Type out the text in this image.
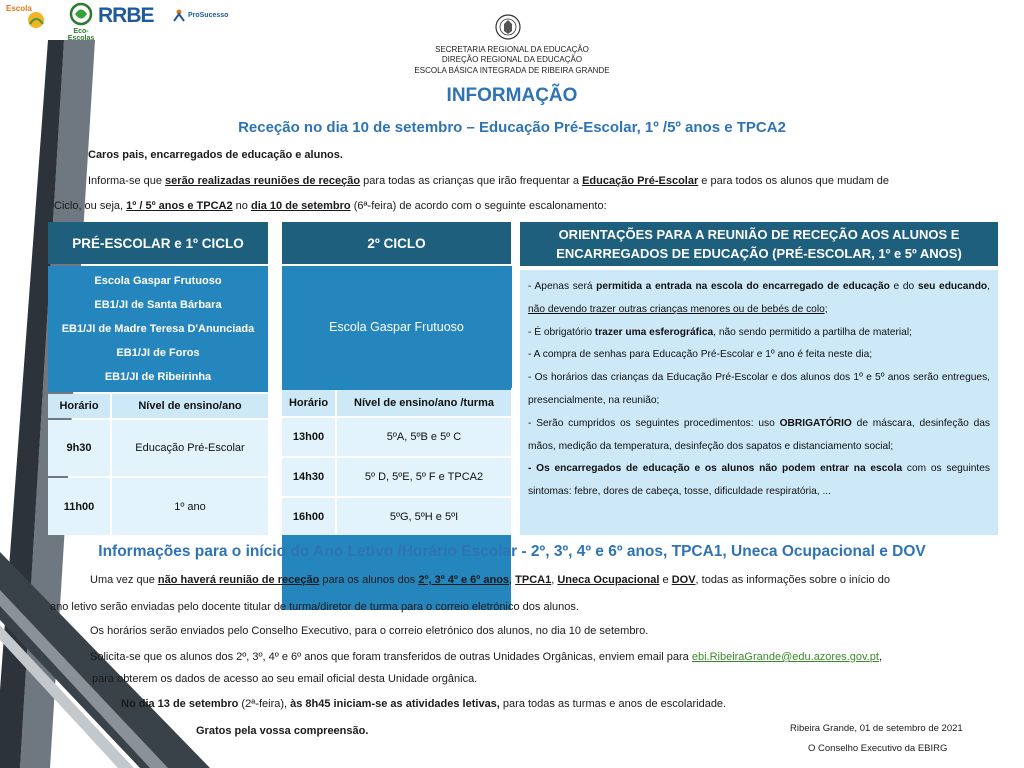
Escola
Eco-Escolas
RRBE	ProSucesso
SECRETARIA REGIONAL DA EDUCAÇÃO
DIREÇÃO REGIONAL DA EDUCAÇÃO
ESCOLA BÁSICA INTEGRADA DE RIBEIRA GRANDE
INFORMAÇÃO
Receção no dia 10 de setembro – Educação Pré-Escolar, 1º /5º anos e TPCA2
Caros pais, encarregados de educação e alunos.
Informa-se que serão realizadas reuniões de receção para todas as crianças que irão frequentar a Educação Pré-Escolar e para todos os alunos que mudam de
Ciclo, ou seja, 1º / 5º anos e TPCA2 no dia 10 de setembro (6ª-feira) de acordo com o seguinte escalonamento:
PRÉ-ESCOLAR e 1º CICLO
Escola Gaspar Frutuoso
EB1/JI de Santa Bárbara
EB1/JI de Madre Teresa D'Anunciada
EB1/JI de Foros
EB1/JI de Ribeirinha
Horário	Nível de ensino/ano
9h30	Educação Pré-Escolar
11h00	1º ano
2º CICLO
Escola Gaspar Frutuoso
Horário	Nível de ensino/ano /turma
13h00	5ºA, 5ºB e 5º C
14h30	5º D, 5ºE, 5º F e TPCA2
16h00	5ºG, 5ºH e 5ºI
ORIENTAÇÕES PARA A REUNIÃO DE RECEÇÃO AOS ALUNOS E ENCARREGADOS DE EDUCAÇÃO (PRÉ-ESCOLAR, 1º e 5º ANOS)

- Apenas será permitida a entrada na escola do encarregado de educação e do seu educando, não devendo trazer outras crianças menores ou de bebés de colo;

- É obrigatório trazer uma esferográfica, não sendo permitido a partilha de material;

- A compra de senhas para Educação Pré-Escolar e 1º ano é feita neste dia;

- Os horários das crianças da Educação Pré-Escolar e dos alunos dos 1º e 5º anos serão entregues, presencialmente, na reunião;

- Serão cumpridos os seguintes procedimentos: uso OBRIGATÓRIO de máscara, desinfeção das mãos, medição da temperatura, desinfeção dos sapatos e distanciamento social;

- Os encarregados de educação e os alunos não podem entrar na escola com os seguintes sintomas: febre, dores de cabeça, tosse, dificuldade respiratória, ...

Informações para o início do Ano Letivo /Horário Escolar - 2º, 3º, 4º e 6º anos, TPCA1, Uneca Ocupacional e DOV
Uma vez que não haverá reunião de receção para os alunos dos 2º, 3º 4º e 6º anos, TPCA1, Uneca Ocupacional e DOV, todas as informações sobre o início do
ano letivo serão enviadas pelo docente titular de turma/diretor de turma para o correio eletrónico dos alunos.
Os horários serão enviados pelo Conselho Executivo, para o correio eletrónico dos alunos, no dia 10 de setembro.
Solicita-se que os alunos dos 2º, 3º, 4º e 6º anos que foram transferidos de outras Unidades Orgânicas, enviem email para ebi.RibeiraGrande@edu.azores.gov.pt,
para obterem os dados de acesso ao seu email oficial desta Unidade orgânica.
No dia 13 de setembro (2ª-feira), às 8h45 iniciam-se as atividades letivas, para todas as turmas e anos de escolaridade.
Gratos pela vossa compreensão.	Ribeira Grande, 01 de setembro de 2021
O Conselho Executivo da EBIRG
